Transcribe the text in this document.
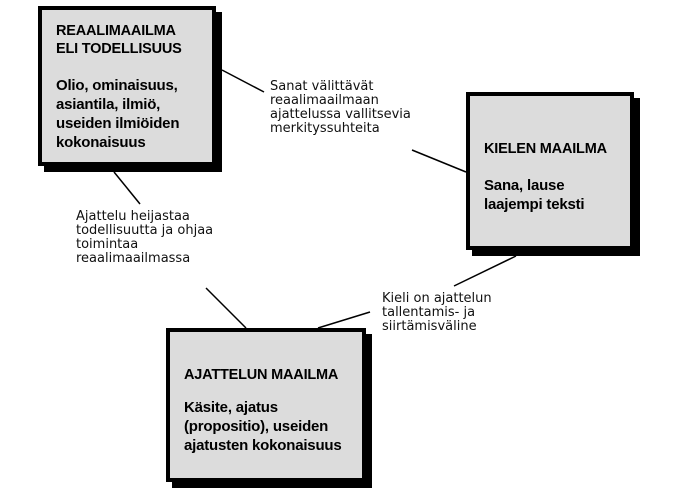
REAALIMAAILMA
ELI TODELLISUUS
Olio, ominaisuus,
asiantila, ilmiö,
useiden ilmiöiden
kokonaisuus	KIELEN MAAILMA
Sana, lause
laajempi teksti
AJATTELUN MAAILMA
Käsite, ajatus
(propositio), useiden
ajatusten kokonaisuus
Sanat välittävät
reaalimaailmaan
ajattelussa vallitsevia
merkityssuhteita
Ajattelu heijastaa
todellisuutta ja ohjaa
toimintaa
reaalimaailmassa
Kieli on ajattelun
tallentamis- ja
siirtämisväline
